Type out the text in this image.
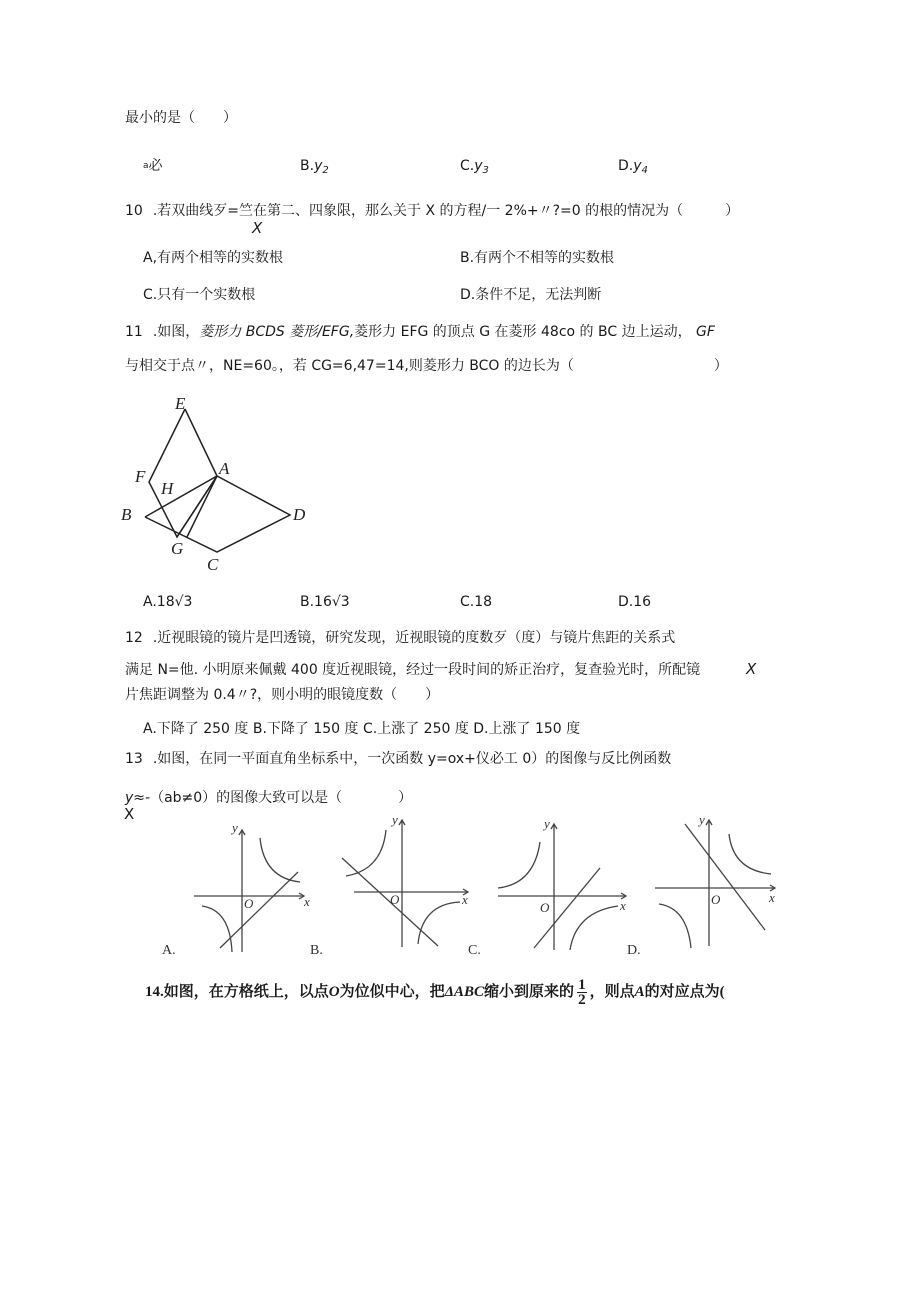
最小的是（　　）
a必	$B.y_2$	$C.y_3$	$D.y_4$
10 .若双曲线歹=竺在第二、四象限，那么关于 X 的方程/一 2%+〃?=0 的根的情况为（　　　）
X
A,有两个相等的实数根	B.有两个不相等的实数根
C.只有一个实数根	D.条件不足，无法判断
11 .如图，菱形力 BCDS 菱形/EFG,菱形力 EFG 的顶点 G 在菱形 48co 的 BC 边上运动， GF
与相交于点〃，NE=60。，若 CG=6,47=14,则菱形力 BCO 的边长为（　　　　　　　　　　）
E
F
H
A
B	D
G
C
A.18√3	B.16√3	C.18	D.16
12 .近视眼镜的镜片是凹透镜，研究发现，近视眼镜的度数歹（度）与镜片焦距的关系式
满足 N=他. 小明原来佩戴 400 度近视眼镜，经过一段时间的矫正治疗，复查验光时，所配镜	X
片焦距调整为 0.4〃?，则小明的眼镜度数（　　）
A.下降了 250 度 B.下降了 150 度 C.上涨了 250 度 D.上涨了 150 度
13 .如图，在同一平面直角坐标系中，一次函数 y=ox+仪必工 0）的图像与反比例函数
y≈-（ab≠0）的图像大致可以是（　　　　）
X
y
x
O
A.
y
x
O
B.
y
x
O
C.
y
x
O
D.
14.如图，在方格纸上，以点O为位似中心，把ΔABC缩小到原来的 $\frac{1}{2}$ ，则点A的对应点为(
